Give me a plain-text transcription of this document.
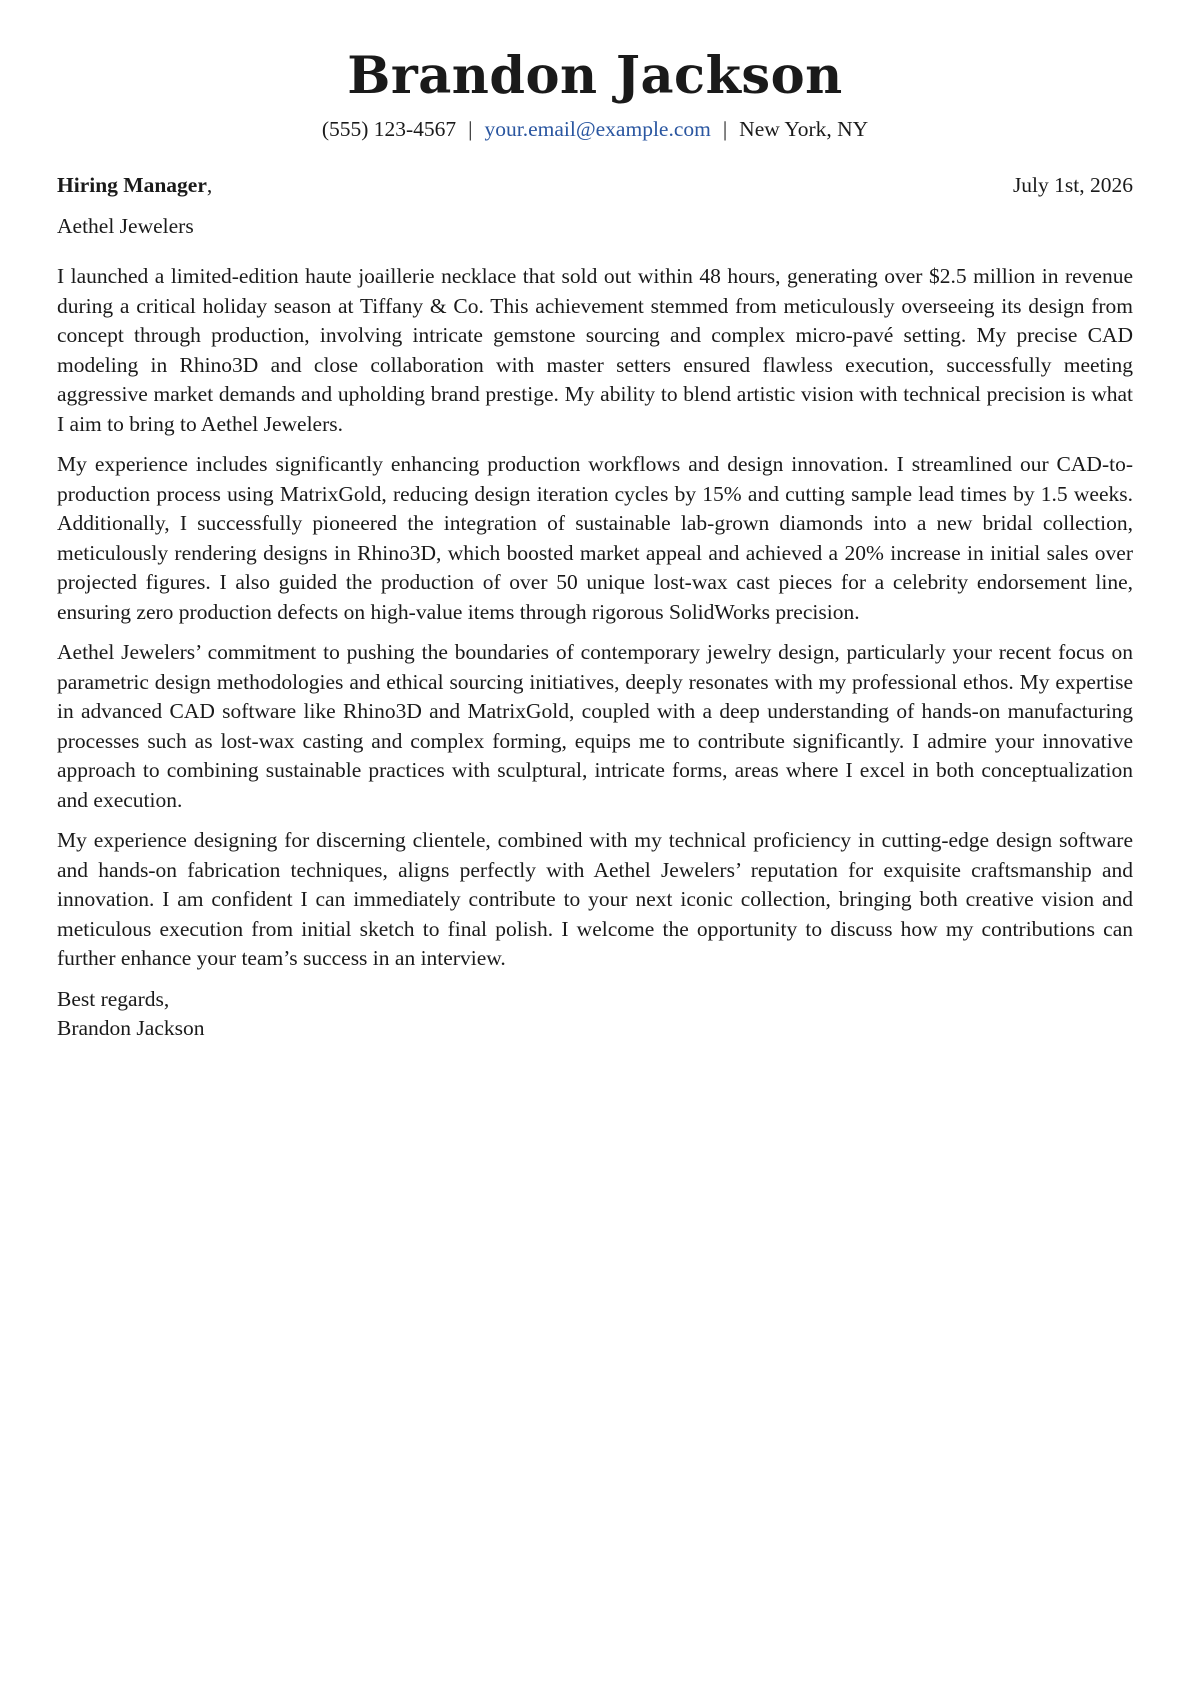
Brandon Jackson
(555) 123-4567 | your.email@example.com | New York, NY
Hiring Manager,	July 1st, 2026
Aethel Jewelers

I launched a limited-edition haute joaillerie necklace that sold out within 48 hours, generating over $2.5 million in revenue during a critical holiday season at Tiffany & Co. This achievement stemmed from meticulously overseeing its design from concept through production, involving intricate gemstone sourcing and complex micro-pavé setting. My precise CAD modeling in Rhino3D and close collaboration with master setters ensured flawless execution, successfully meeting aggressive market demands and upholding brand prestige. My ability to blend artistic vision with technical precision is what I aim to bring to Aethel Jewelers.

My experience includes significantly enhancing production workflows and design innovation. I streamlined our CAD-to-production process using MatrixGold, reducing design iteration cycles by 15% and cutting sample lead times by 1.5 weeks. Additionally, I successfully pioneered the integration of sustainable lab-grown diamonds into a new bridal collection, meticulously rendering designs in Rhino3D, which boosted market appeal and achieved a 20% increase in initial sales over projected figures. I also guided the production of over 50 unique lost-wax cast pieces for a celebrity endorsement line, ensuring zero production defects on high-value items through rigorous SolidWorks precision.

Aethel Jewelers’ commitment to pushing the boundaries of contemporary jewelry design, particularly your recent focus on parametric design methodologies and ethical sourcing initiatives, deeply resonates with my professional ethos. My expertise in advanced CAD software like Rhino3D and MatrixGold, coupled with a deep understanding of hands-on manufacturing processes such as lost-wax casting and complex forming, equips me to contribute significantly. I admire your innovative approach to combining sustainable practices with sculptural, intricate forms, areas where I excel in both conceptualization and execution.

My experience designing for discerning clientele, combined with my technical proficiency in cutting-edge design software and hands-on fabrication techniques, aligns perfectly with Aethel Jewelers’ reputation for exquisite craftsmanship and innovation. I am confident I can immediately contribute to your next iconic collection, bringing both creative vision and meticulous execution from initial sketch to final polish. I welcome the opportunity to discuss how my contributions can further enhance your team’s success in an interview.

Best regards,
Brandon Jackson
